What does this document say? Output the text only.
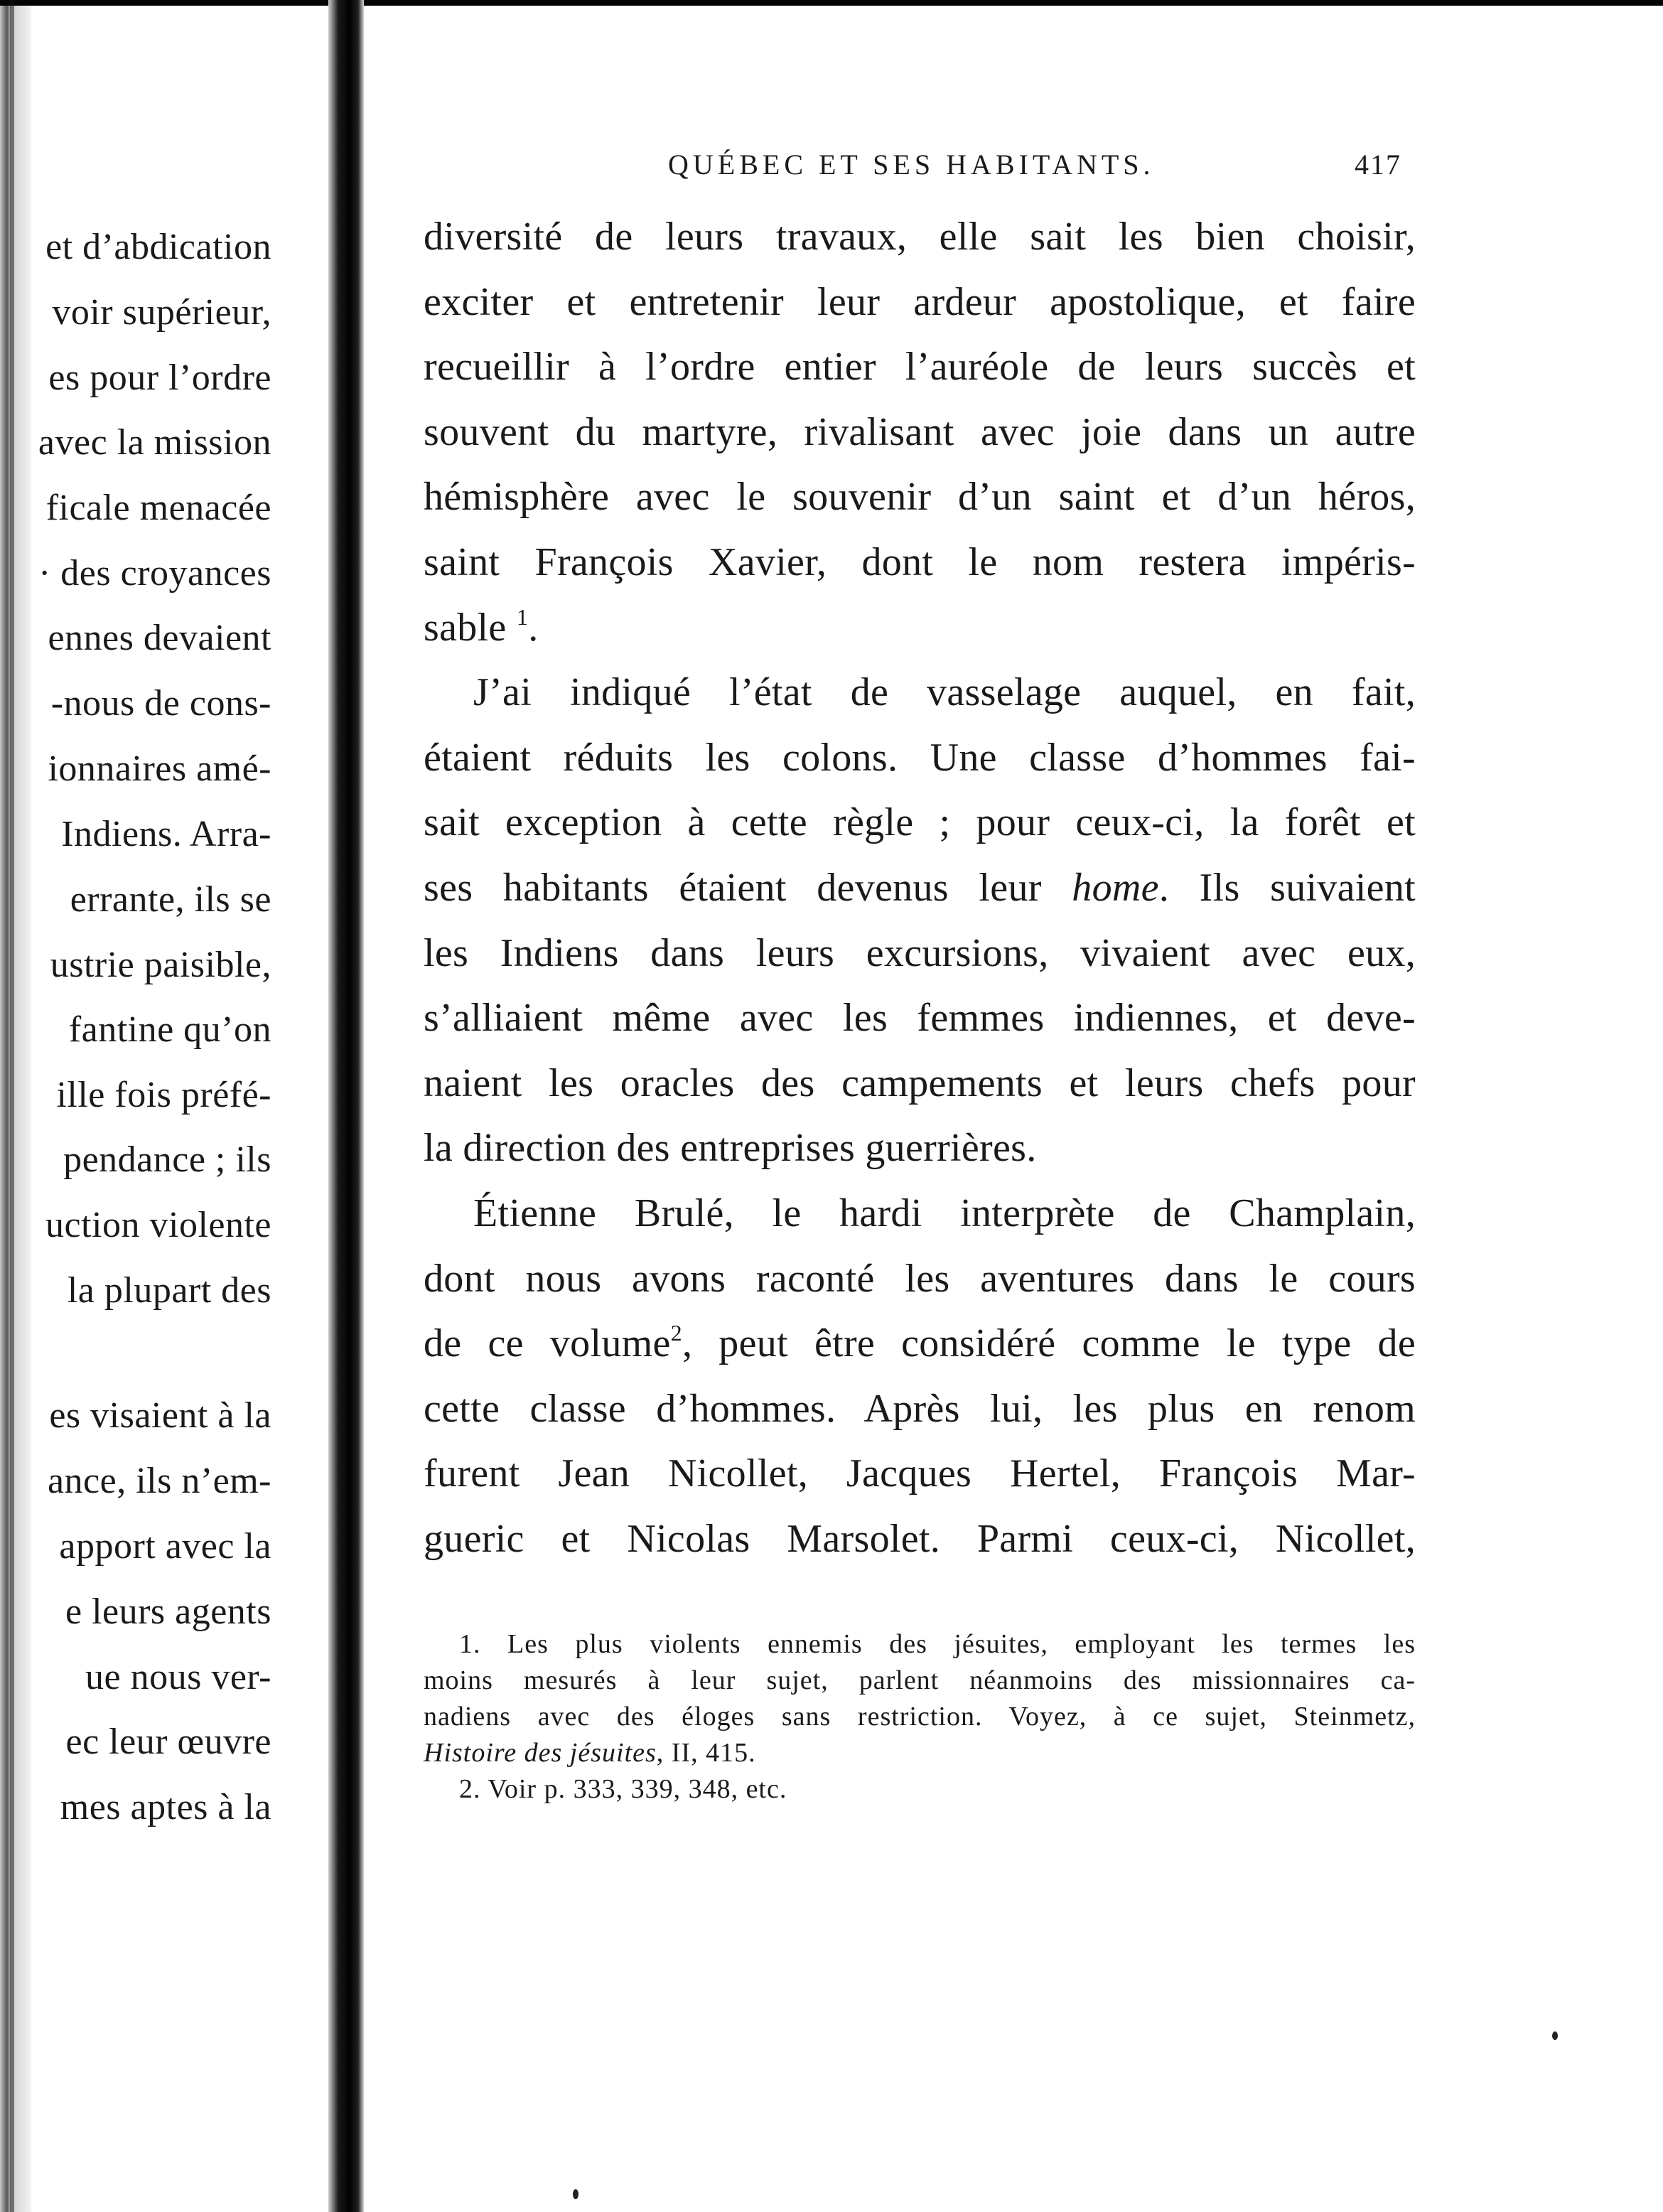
et d’abdication
voir supérieur,
es pour l’ordre
avec la mission
ficale menacée
· des croyances
ennes devaient
-nous de cons-
ionnaires amé-
Indiens. Arra-
errante, ils se
ustrie paisible,
fantine qu’on
ille fois préfé-
pendance ; ils
uction violente
la plupart des
es visaient à la
ance, ils n’em-
apport avec la
e leurs agents
ue nous ver-
ec leur œuvre
mes aptes à la
QUÉBEC ET SES HABITANTS.	417
diversité de leurs travaux, elle sait les bien choisir,
exciter et entretenir leur ardeur apostolique, et faire
recueillir à l’ordre entier l’auréole de leurs succès et
souvent du martyre, rivalisant avec joie dans un autre
hémisphère avec le souvenir d’un saint et d’un héros,
saint François Xavier, dont le nom restera impéris-
sable $^1$.
J’ai indiqué l’état de vasselage auquel, en fait,
étaient réduits les colons. Une classe d’hommes fai-
sait exception à cette règle ; pour ceux-ci, la forêt et
ses habitants étaient devenus leur home. Ils suivaient
les Indiens dans leurs excursions, vivaient avec eux,
s’alliaient même avec les femmes indiennes, et deve-
naient les oracles des campements et leurs chefs pour
la direction des entreprises guerrières.
Étienne Brulé, le hardi interprète de Champlain,
dont nous avons raconté les aventures dans le cours
de ce volume$^2$, peut être considéré comme le type de
cette classe d’hommes. Après lui, les plus en renom
furent Jean Nicollet, Jacques Hertel, François Mar-
gueric et Nicolas Marsolet. Parmi ceux-ci, Nicollet,
1. Les plus violents ennemis des jésuites, employant les termes les
moins mesurés à leur sujet, parlent néanmoins des missionnaires ca-
nadiens avec des éloges sans restriction. Voyez, à ce sujet, Steinmetz,
Histoire des jésuites, II, 415.
2. Voir p. 333, 339, 348, etc.
